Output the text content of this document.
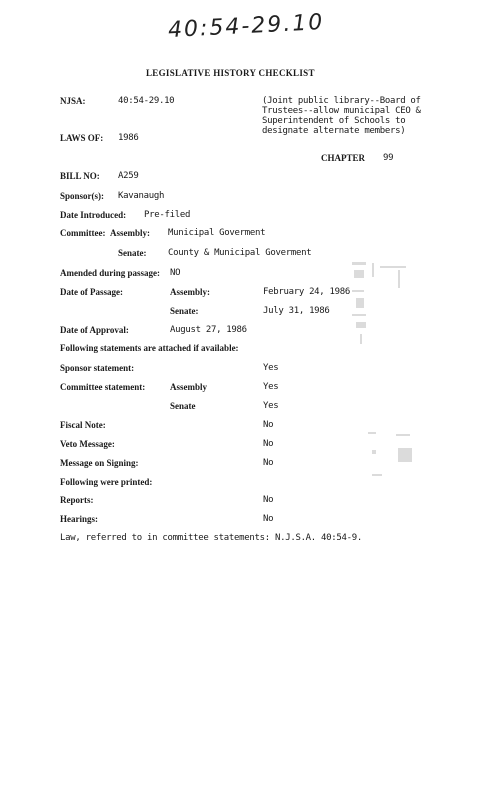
40:54-29.10
LEGISLATIVE HISTORY CHECKLIST
NJSA:	40:54-29.10	(Joint public library--Board of Trustees--allow municipal CEO & Superintendent of Schools to designate alternate members)
LAWS OF: 1986
CHAPTER 99
BILL NO: A259
Sponsor(s): Kavanaugh
Date Introduced: Pre-filed
Committee: Assembly: Municipal Goverment
Senate: County & Municipal Goverment
Amended during passage: NO
Date of Passage:	Assembly:	February 24, 1986
Senate:	July 31, 1986
Date of Approval:	August 27, 1986
Following statements are attached if available:
Sponsor statement:	Yes
Committee statement:	Assembly	Yes
Senate	Yes
Fiscal Note:	No
Veto Message:	No
Message on Signing:	No
Following were printed:
Reports:	No
Hearings:	No
Law, referred to in committee statements: N.J.S.A. 40:54-9.
